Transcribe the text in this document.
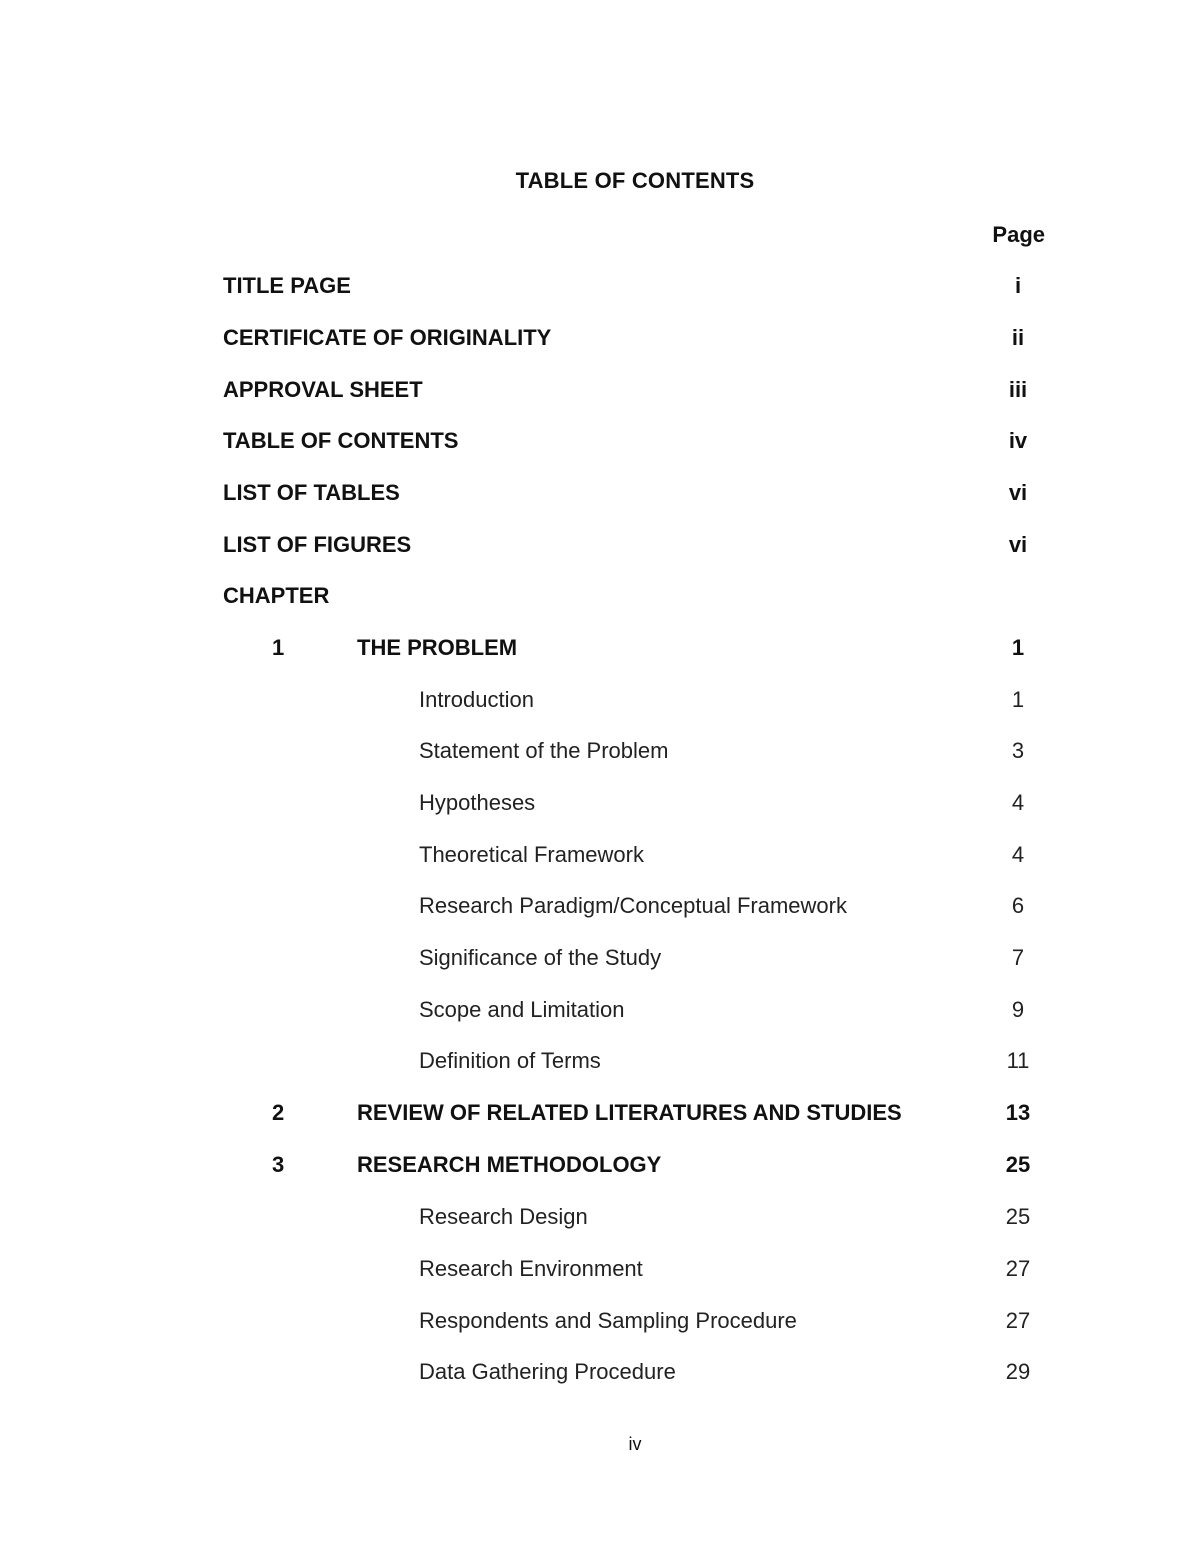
TABLE OF CONTENTS
Page
TITLE PAGE	i
CERTIFICATE OF ORIGINALITY	ii
APPROVAL SHEET	iii
TABLE OF CONTENTS	iv
LIST OF TABLES	vi
LIST OF FIGURES	vi
CHAPTER
1	THE PROBLEM	1
Introduction	1
Statement of the Problem	3
Hypotheses	4
Theoretical Framework	4
Research Paradigm/Conceptual Framework	6
Significance of the Study	7
Scope and Limitation	9
Definition of Terms	11
2	REVIEW OF RELATED LITERATURES AND STUDIES	13
3	RESEARCH METHODOLOGY	25
Research Design	25
Research Environment	27
Respondents and Sampling Procedure	27
Data Gathering Procedure	29
iv
